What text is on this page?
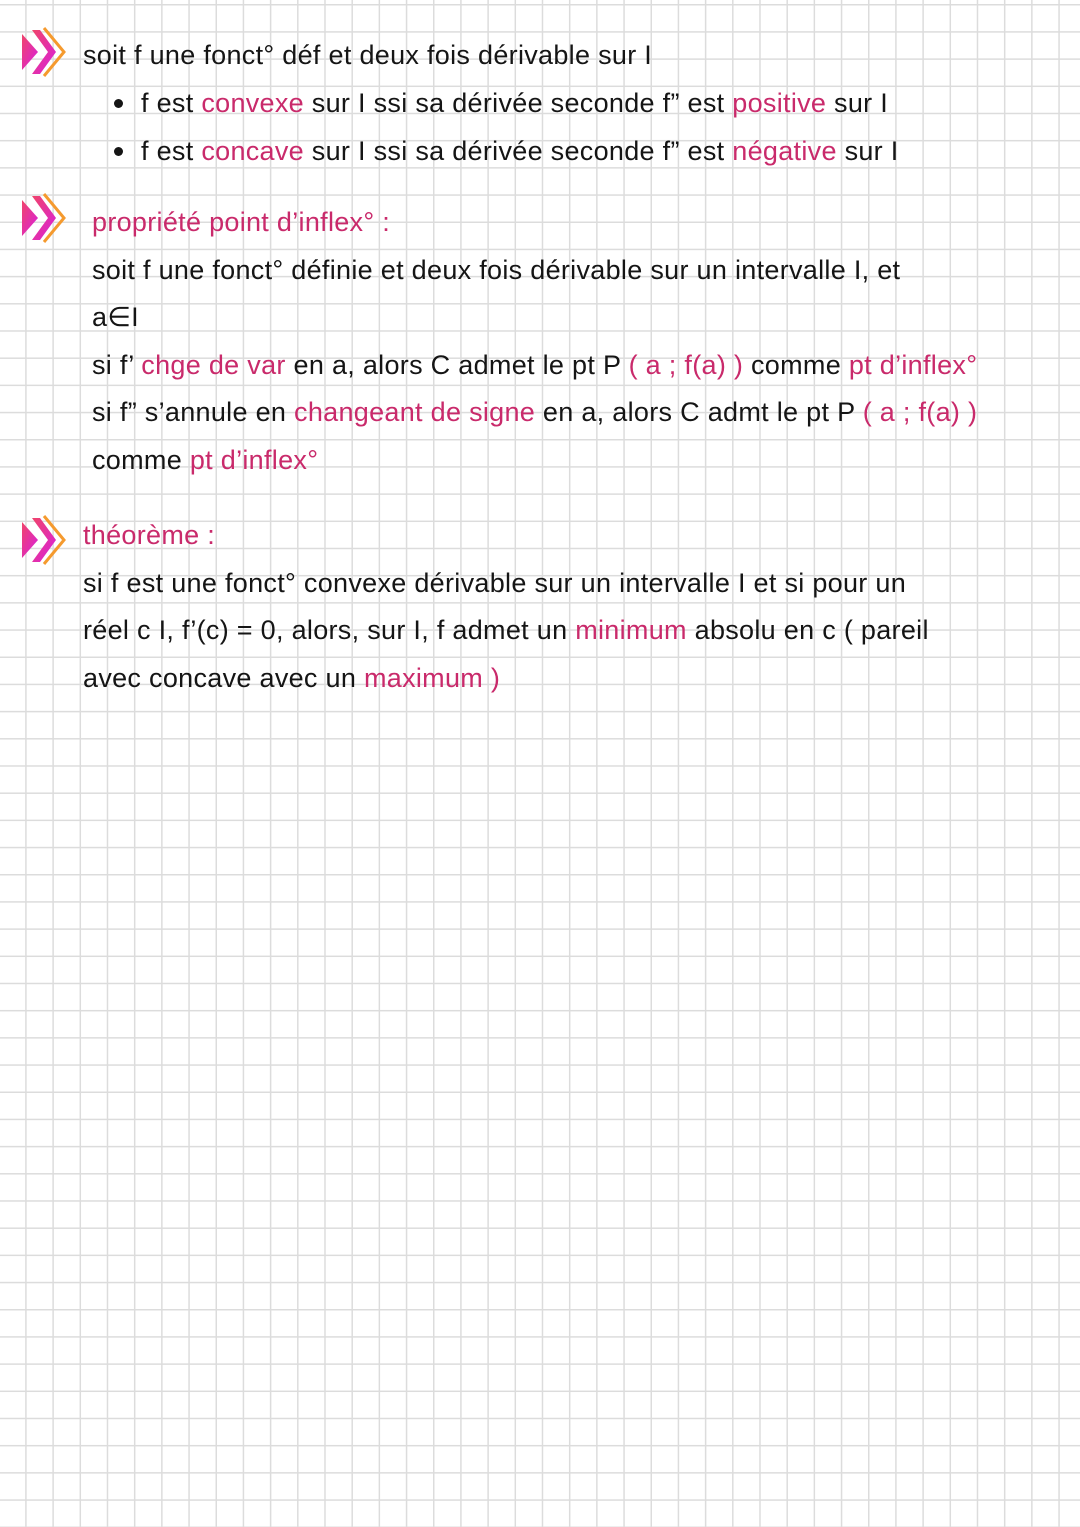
soit f une fonct° déf et deux fois dérivable sur I
f est convexe sur I ssi sa dérivée seconde f” est positive sur I
f est concave sur I ssi sa dérivée seconde f” est négative sur I
propriété point d’inflex° :
soit f une fonct° définie et deux fois dérivable sur un intervalle I, et
a∈I
si f’ chge de var en a, alors C admet le pt P ( a ; f(a) ) comme pt d’inflex°
si f” s’annule en changeant de signe en a, alors C admt le pt P ( a ; f(a) )
comme pt d’inflex°
théorème :
si f est une fonct° convexe dérivable sur un intervalle I et si pour un
réel c I, f’(c) = 0, alors, sur I, f admet un minimum absolu en c ( pareil
avec concave avec un maximum )
